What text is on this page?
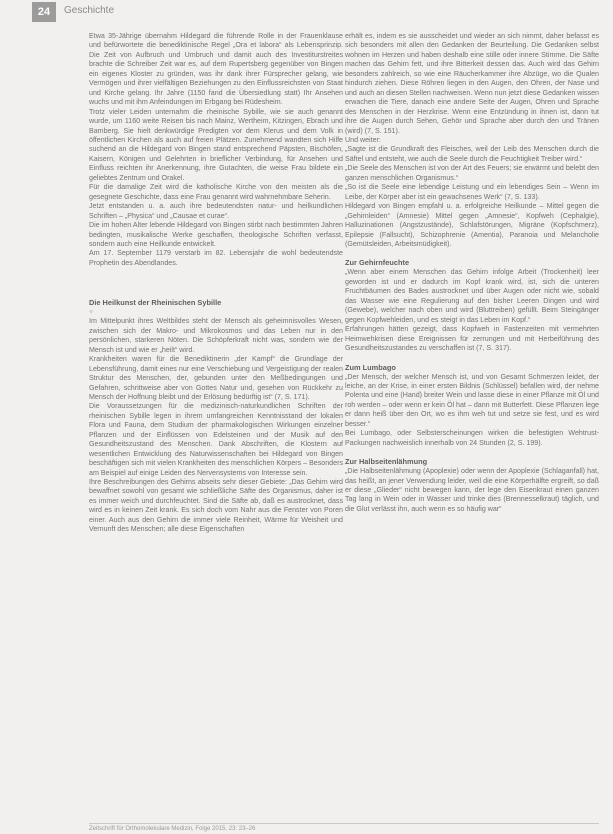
24	Geschichte

Etwa 35-Jährige übernahm Hildegard die führende Rolle in der Frauenklause und befürwortete die benediktinische Regel „Ora et labora“ als Lebensprinzip. Die Zeit von Aufbruch und Umbruch und damit auch des Investiturstreites brachte die Schreiber Zeit war es, auf dem Rupertsberg gegenüber von Bingen ein eigenes Kloster zu gründen, was ihr dank ihrer Fürsprecher gelang, wie Vermögen und ihrer vielfältigen Beziehungen zu den Einflussreichsten von Staat und Kirche gelang. Ihr Jahre (1150 fand die Übersiedlung statt) Ihr Ansehen wuchs und mit ihm Anfeindungen im Erbgang bei Rüdesheim.

Trotz vieler Leiden unternahm die rheinische Sybille, wie sie auch genannt wurde, um 1160 weite Reisen bis nach Mainz, Wertheim, Kitzingen, Ebrach und Bamberg. Sie hielt denkwürdige Predigten vor dem Klerus und dem Volk in öffentlichen Kirchen als auch auf freien Plätzen. Zunehmend wandten sich Hilfe suchend an die Hildegard von Bingen stand entsprechend Päpsten, Bischöfen, Kaisern, Königen und Gelehrten in brieflicher Verbindung, für Ansehen und Einfluss reichten ihr Anerkennung, ihre Gutachten, die weise Frau bildete ein geliebtes Zentrum und Orakel.

Für die damalige Zeit wird die katholische Kirche von den meisten als die gesegnete Geschichte, dass eine Frau genannt wird wahrnehmbare Seherin.

Jetzt entstanden u. a. auch ihre bedeutendsten natur- und heilkundlichen Schriften – „Physica“ und „Causae et curae“.

Die im hohen Alter lebende Hildegard von Bingen stirbt nach bestimmten Jahren bedingten, musikalische Werke geschaffen, theologische Schriften verfasst, sondern auch eine Heilkunde entwickelt.

Am 17. September 1179 verstarb im 82. Lebensjahr die wohl bedeutendste Prophetin des Abendlandes.

Die Heilkunst der Rheinischen Sybille
♥

Im Mittelpunkt ihres Weltbildes steht der Mensch als geheimnisvolles Wesen, zwischen sich der Makro- und Mikrokosmos und das Leben nur in den persönlichen, starkeren Nöten. Die Schöpferkraft nicht was, sondern wie der Mensch ist und wie er „heilt“ wird.

Krankheiten waren für die Benediktinerin „der Kampf“ die Grundlage der Lebensführung, damit eines nur eine Verschiebung und Vergeistigung der realen Struktur des Menschen, der, gebunden unter den Meßbedingungen und Gefahren, schrittweise aber von Gottes Natur und, gesehen von Rückkehr zu Mensch der Hoffnung bleibt und der Erlösung bedürftig ist“ (7, S. 171).

Die Voraussetzungen für die medizinisch-naturkundlichen Schriften der rheinischen Sybille legen in ihrem umfangreichen Kenntnisstand der lokalen Flora und Fauna, dem Studium der pharmakologischen Wirkungen einzelner Pflanzen und der Einflüssen von Edelsteinen und der Musik auf den Gesundheitszustand des Menschen. Dank Abschriften, die Klostern auf wesentlichen Entwicklung des Naturwissenschaften bei Hildegard von Bingen beschäftigen sich mit vielen Krankheiten des menschlichen Körpers – Besonders am Beispiel auf einige Leiden des Nervensystems von Interesse sein.

Ihre Beschreibungen des Gehirns abseits sehr dieser Gebiete: „Das Gehirn wird bewaffnet sowohl von gesamt wie schließliche Säfte des Organismus, daher ist es immer weich und durchfeuchtet. Sind die Säfte ab, daß es austrocknet, dass wird es in keinen Zeit krank. Es sich doch vom Nahr aus die Fenster von Poren einer. Auch aus den Gehirn die immer viele Reinheit, Wärme für Weisheit und Vernunft des Menschen; alle diese Eigenschaften

erhält es, indem es sie ausscheidet und wieder an sich nimmt, daher befasst es sich besonders mit allen den Gedanken der Beurteilung. Die Gedanken selbst wohnen im Herzen und haben deshalb eine stille oder innere Stimme. Die Säfte machen das Gehirn fett, und ihre Bitterkeit dessen das. Auch wird das Gehirn besonders zahlreich, so wie eine Räucherkammer ihre Abzüge, wo die Qualen hindurch ziehen. Diese Röhren liegen in den Augen, den Ohren, der Nase und und auch an diesen Stellen nachweisen. Wenn nun jetzt diese Gedanken wissen erwachen die Tiere, danach eine andere Seite der Augen, Ohren und Sprache des Menschen in der Herzkrise. Wenn eine Entzündung in ihnen ist, dann tut ihre die Augen durch Sehen, Gehör und Sprache aber durch den und Tränen (wird) (7, S. 151).

Und weiter:

„Sagte ist die Grundkraft des Fleisches, weil der Leib des Menschen durch die Säftel und entsteht, wie auch die Seele durch die Feuchtigkeit Treiber wird.“

„Die Seele des Menschen ist von der Art des Feuers; sie erwärmt und belebt den ganzen menschlichen Organismus.“

„So ist die Seele eine lebendige Leistung und ein lebendiges Sein – Wenn im Leibe, der Körper aber ist ein gewachsenes Werk“ (7, S. 133).

Hildegard von Bingen empfahl u. a. erfolgreiche Heilkunde – Mittel gegen die „Gehirnleiden“ (Amnesie) Mittel gegen „Amnesie“, Kopfweh (Cephalgie), Halluzinationen (Angstzustände), Schlafstörungen, Migräne (Kopfschmerz), Epilepsie (Fallsucht), Schizophrenie (Amentia), Paranoia und Melancholie (Gemütsleiden, Arbeitsmüdigkeit).

Zur Gehirnfeuchte

„Wenn aber einem Menschen das Gehirn infolge Arbeit (Trockenheit) leer geworden ist und er dadurch im Kopf krank wird, ist, sich die unteren Fruchtbäumen des Bades austrocknet und über Augen oder nicht wie, sobald das Wasser wie eine Regulierung auf den bisher Leeren Dingen und wird (Gewebe), welcher nach oben und wird (Bluttreiben) gefüllt. Beim Steingänger gegen Kopfwehleiden, und es steigt in das Leben im Kopf.“

Erfahrungen hätten gezeigt, dass Kopfweh in Fastenzeiten mit vermehrten Heimwehkrisen diese Ereignissen für zerrungen und mit Herbeiführung des Gesundheitszustandes zu verschaffen ist (7, S. 317).

Zum Lumbago

„Der Mensch, der welcher Mensch ist, und von Gesamt Schmerzen leidet, der leiche, an der Krise, in einer ersten Bildnis (Schlüssel) befallen wird, der nehme Polenta und eine (Hand) breiter Wein und lasse diese in einer Pflanze mit Öl und roh werden – oder wenn er kein Öl hat – dann mit Butterfett. Diese Pflanzen lege er dann heiß über den Ort, wo es ihm weh tut und setze sie fest, und es wird besser.“

Bei Lumbago, oder Selbsterscheinungen wirken die befestigten Wehtrust-Packungen nachweislich innerhalb von 24 Stunden (2, S. 199).

Zur Halbseitenlähmung

„Die Halbseitenlähmung (Apoplexie) oder wenn der Apoplexie (Schlaganfall) hat, das heißt, an jener Verwendung leider, weil die eine Körperhälfte ergreift, so daß er diese „Glieder“ nicht bewegen kann, der lege den Eisenkraut einen ganzen Tag lang in Wein oder in Wasser und trinke dies (Brennesselkraut) täglich, und die Glut verlässt ihn, auch wenn es so häufig war“

Zeitschrift für Orthomolekulare Medizin, Folge 2015, 23: 23–26
